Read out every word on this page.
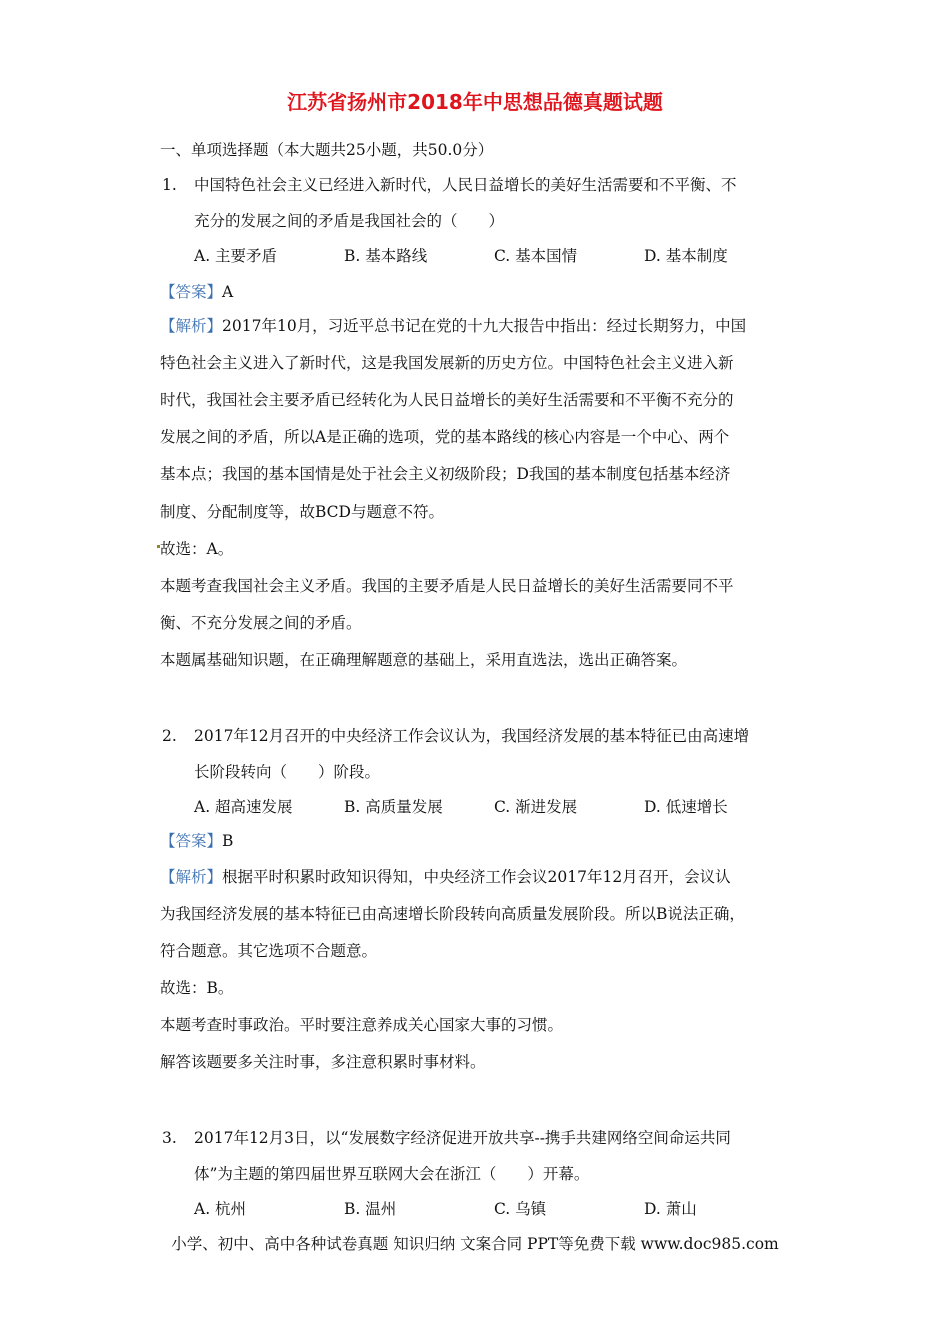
江苏省扬州市2018年中思想品德真题试题
一、单项选择题（本大题共25小题，共50.0分）
1. 中国特色社会主义已经进入新时代，人民日益增长的美好生活需要和不平衡、不
充分的发展之间的矛盾是我国社会的（　　）
A. 主要矛盾	B. 基本路线	C. 基本国情	D. 基本制度
【答案】A
【解析】2017年10月，习近平总书记在党的十九大报告中指出：经过长期努力，中国
特色社会主义进入了新时代，这是我国发展新的历史方位。中国特色社会主义进入新
时代，我国社会主要矛盾已经转化为人民日益增长的美好生活需要和不平衡不充分的
发展之间的矛盾，所以A是正确的选项，党的基本路线的核心内容是一个中心、两个
基本点；我国的基本国情是处于社会主义初级阶段；D我国的基本制度包括基本经济
制度、分配制度等，故BCD与题意不符。
故选：A。
本题考查我国社会主义矛盾。我国的主要矛盾是人民日益增长的美好生活需要同不平
衡、不充分发展之间的矛盾。
本题属基础知识题，在正确理解题意的基础上，采用直选法，选出正确答案。
2. 2017年12月召开的中央经济工作会议认为，我国经济发展的基本特征已由高速增
长阶段转向（　　）阶段。
A. 超高速发展	B. 高质量发展	C. 渐进发展	D. 低速增长
【答案】B
【解析】根据平时积累时政知识得知，中央经济工作会议2017年12月召开，会议认
为我国经济发展的基本特征已由高速增长阶段转向高质量发展阶段。所以B说法正确，
符合题意。其它选项不合题意。
故选：B。
本题考查时事政治。平时要注意养成关心国家大事的习惯。
解答该题要多关注时事，多注意积累时事材料。
3. 2017年12月3日，以“发展数字经济促进开放共享--携手共建网络空间命运共同
体”为主题的第四届世界互联网大会在浙江（　　）开幕。
A. 杭州	B. 温州	C. 乌镇	D. 萧山
小学、初中、高中各种试卷真题 知识归纳 文案合同 PPT等免费下载 www.doc985.com
